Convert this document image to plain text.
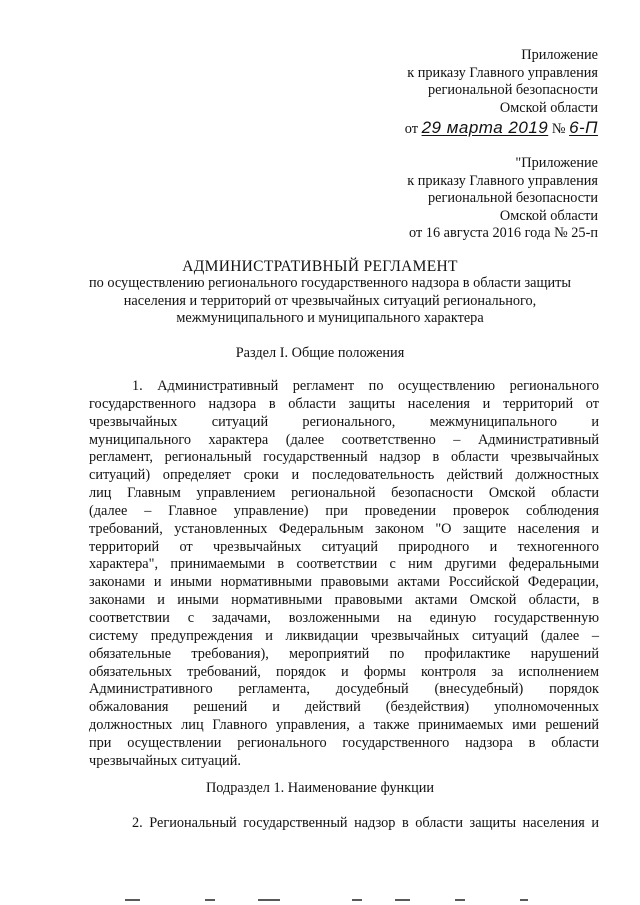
Приложение
к приказу Главного управления
региональной безопасности
Омской области
от 29 марта 2019 № 6-П
"Приложение
к приказу Главного управления
региональной безопасности
Омской области
от 16 августа 2016 года № 25-п
АДМИНИСТРАТИВНЫЙ РЕГЛАМЕНТ
по осуществлению регионального государственного надзора в области защиты
населения и территорий от чрезвычайных ситуаций регионального,
межмуниципального и муниципального характера
Раздел I. Общие положения
1. Административный регламент по осуществлению регионального
государственного надзора в области защиты населения и территорий от
чрезвычайных ситуаций регионального, межмуниципального и
муниципального характера (далее соответственно – Административный
регламент, региональный государственный надзор в области чрезвычайных
ситуаций) определяет сроки и последовательность действий должностных
лиц Главным управлением региональной безопасности Омской области
(далее – Главное управление) при проведении проверок соблюдения
требований, установленных Федеральным законом "О защите населения и
территорий от чрезвычайных ситуаций природного и техногенного
характера", принимаемыми в соответствии с ним другими федеральными
законами и иными нормативными правовыми актами Российской Федерации,
законами и иными нормативными правовыми актами Омской области, в
соответствии с задачами, возложенными на единую государственную
систему предупреждения и ликвидации чрезвычайных ситуаций (далее –
обязательные требования), мероприятий по профилактике нарушений
обязательных требований, порядок и формы контроля за исполнением
Административного регламента, досудебный (внесудебный) порядок
обжалования решений и действий (бездействия) уполномоченных
должностных лиц Главного управления, а также принимаемых ими решений
при осуществлении регионального государственного надзора в области
чрезвычайных ситуаций.
Подраздел 1. Наименование функции
2. Региональный государственный надзор в области защиты населения и
